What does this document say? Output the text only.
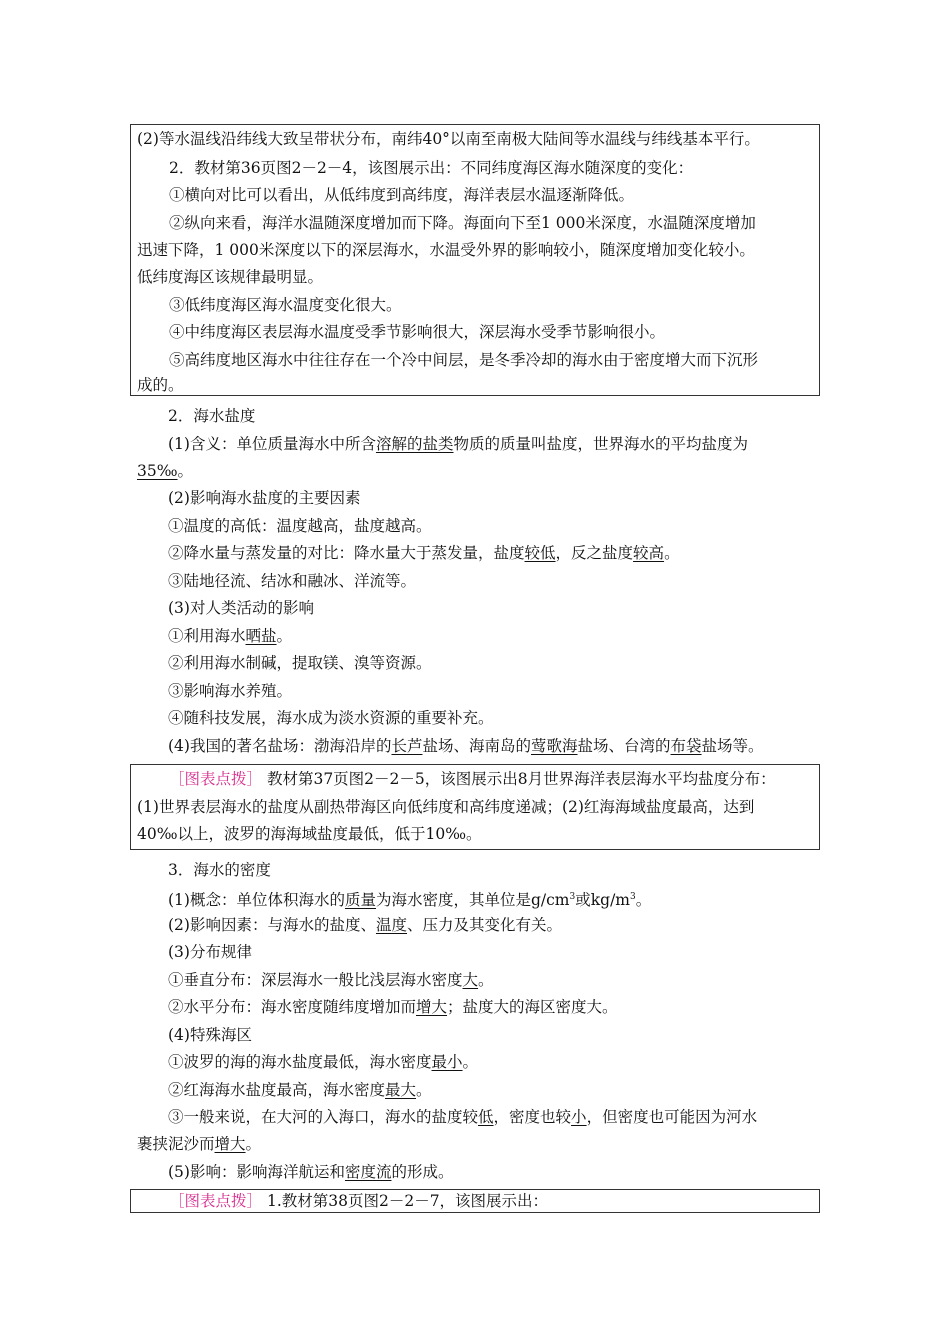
(2)等水温线沿纬线大致呈带状分布，南纬40°以南至南极大陆间等水温线与纬线基本平行。
2．教材第36页图2－2－4，该图展示出：不同纬度海区海水随深度的变化：
①横向对比可以看出，从低纬度到高纬度，海洋表层水温逐渐降低。
②纵向来看，海洋水温随深度增加而下降。海面向下至1 000米深度，水温随深度增加
迅速下降，1 000米深度以下的深层海水，水温受外界的影响较小，随深度增加变化较小。
低纬度海区该规律最明显。
③低纬度海区海水温度变化很大。
④中纬度海区表层海水温度受季节影响很大，深层海水受季节影响很小。
⑤高纬度地区海水中往往存在一个冷中间层，是冬季冷却的海水由于密度增大而下沉形
成的。
2．海水盐度
(1)含义：单位质量海水中所含溶解的盐类物质的质量叫盐度，世界海水的平均盐度为
35‰。
(2)影响海水盐度的主要因素
①温度的高低：温度越高，盐度越高。
②降水量与蒸发量的对比：降水量大于蒸发量，盐度较低，反之盐度较高。
③陆地径流、结冰和融冰、洋流等。
(3)对人类活动的影响
①利用海水晒盐。
②利用海水制碱，提取镁、溴等资源。
③影响海水养殖。
④随科技发展，海水成为淡水资源的重要补充。
(4)我国的著名盐场：渤海沿岸的长芦盐场、海南岛的莺歌海盐场、台湾的布袋盐场等。
［图表点拨］ 教材第37页图2－2－5，该图展示出8月世界海洋表层海水平均盐度分布：
(1)世界表层海水的盐度从副热带海区向低纬度和高纬度递减；(2)红海海域盐度最高，达到
40‰以上，波罗的海海域盐度最低，低于10‰。
3．海水的密度
(1)概念：单位体积海水的质量为海水密度，其单位是$g/cm^3$或$kg/m^3$。
(2)影响因素：与海水的盐度、温度、压力及其变化有关。
(3)分布规律
①垂直分布：深层海水一般比浅层海水密度大。
②水平分布：海水密度随纬度增加而增大；盐度大的海区密度大。
(4)特殊海区
①波罗的海的海水盐度最低，海水密度最小。
②红海海水盐度最高，海水密度最大。
③一般来说，在大河的入海口，海水的盐度较低，密度也较小，但密度也可能因为河水
裹挟泥沙而增大。
(5)影响：影响海洋航运和密度流的形成。
［图表点拨］ 1.教材第38页图2－2－7，该图展示出：
